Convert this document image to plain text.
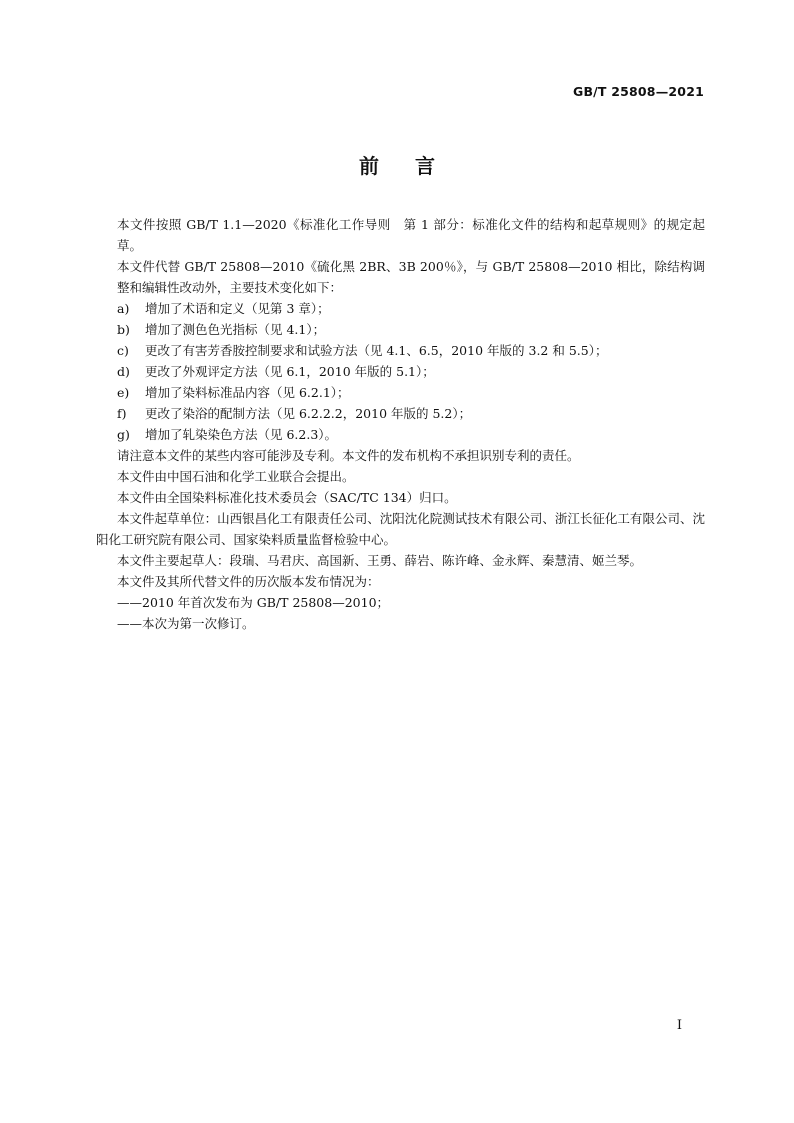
GB/T 25808—2021
前言

本文件按照 GB/T 1.1—2020《标准化工作导则　第 1 部分：标准化文件的结构和起草规则》的规定起草。

本文件代替 GB/T 25808—2010《硫化黑 2BR、3B 200％》，与 GB/T 25808—2010 相比，除结构调整和编辑性改动外，主要技术变化如下：

a)	增加了术语和定义（见第 3 章）；
b)	增加了测色色光指标（见 4.1）；
c)	更改了有害芳香胺控制要求和试验方法（见 4.1、6.5，2010 年版的 3.2 和 5.5）；
d)	更改了外观评定方法（见 6.1，2010 年版的 5.1）；
e)	增加了染料标准品内容（见 6.2.1）；
f)	更改了染浴的配制方法（见 6.2.2.2，2010 年版的 5.2）；
g)	增加了轧染染色方法（见 6.2.3）。

请注意本文件的某些内容可能涉及专利。本文件的发布机构不承担识别专利的责任。

本文件由中国石油和化学工业联合会提出。

本文件由全国染料标准化技术委员会（SAC/TC 134）归口。

本文件起草单位：山西银昌化工有限责任公司、沈阳沈化院测试技术有限公司、浙江长征化工有限公司、沈阳化工研究院有限公司、国家染料质量监督检验中心。

本文件主要起草人：段瑞、马君庆、高国新、王勇、薛岩、陈许峰、金永辉、秦慧清、姬兰琴。

本文件及其所代替文件的历次版本发布情况为：

——2010 年首次发布为 GB/T 25808—2010；

——本次为第一次修订。

I
